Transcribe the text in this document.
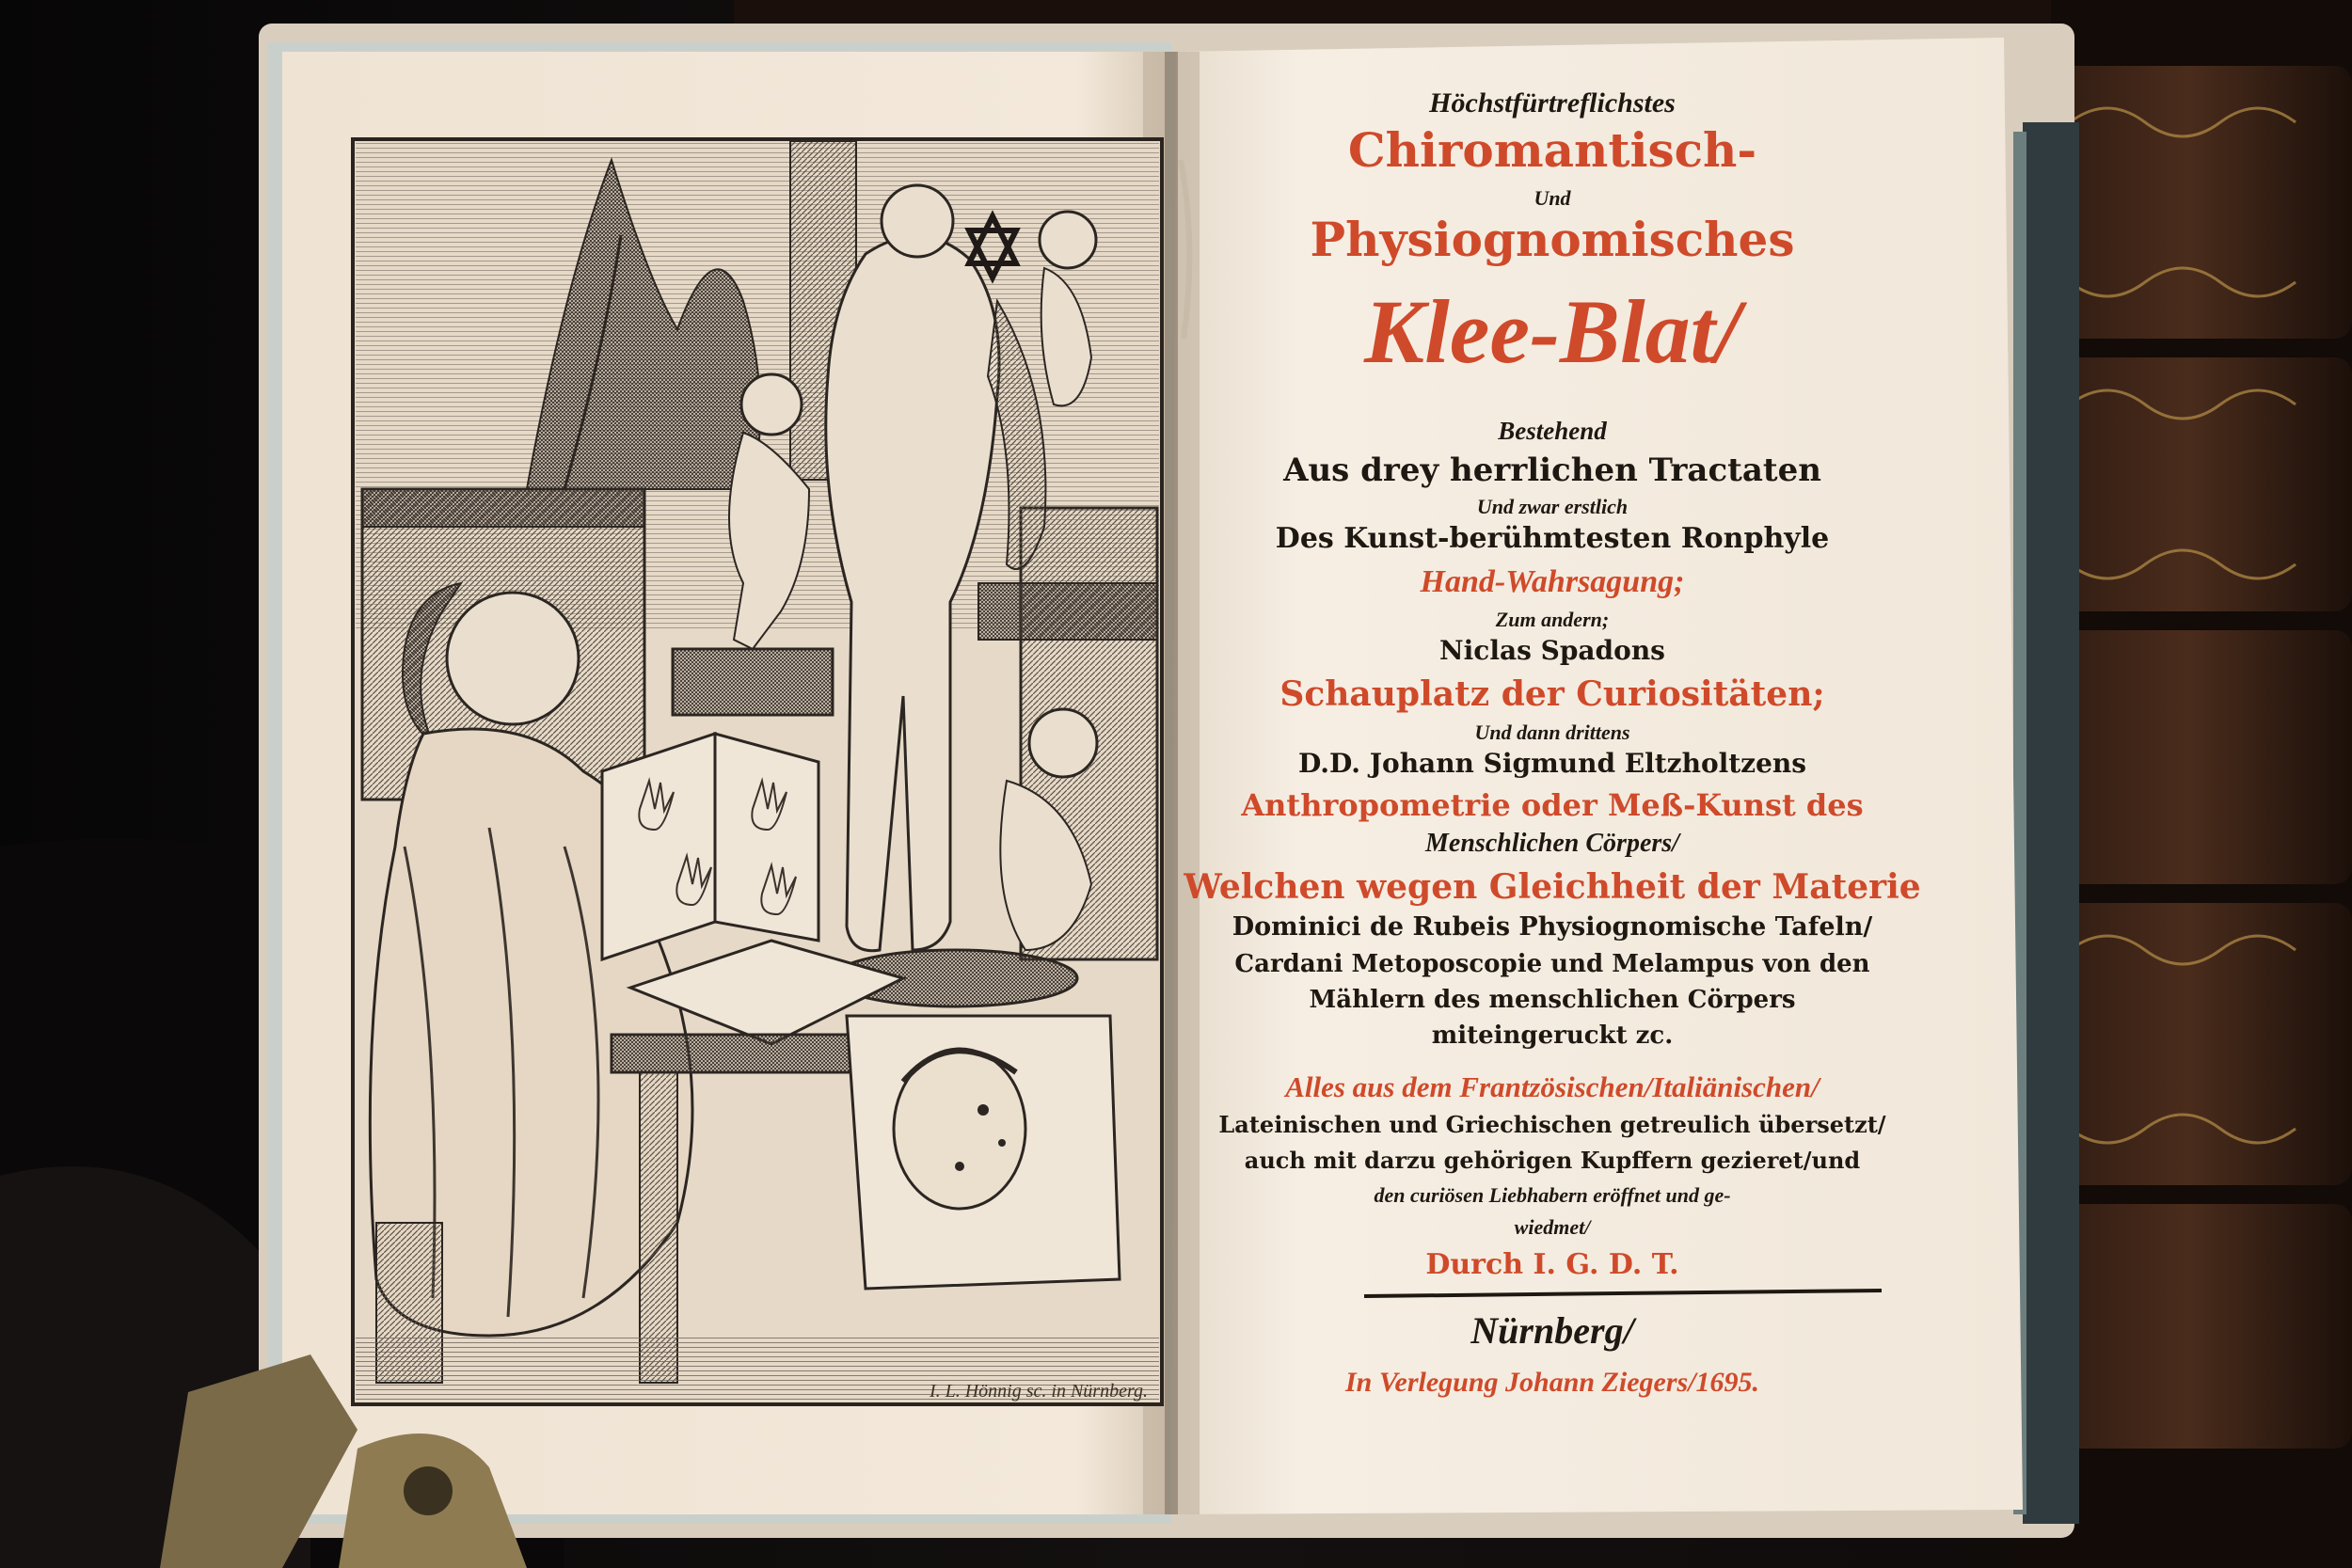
I. L. Hönnig sc. in Nürnberg.
Höchstfürtreflichstes
Chiromantisch-
Und
Physiognomisches
Klee-Blat/
Bestehend
Aus drey herrlichen Tractaten
Und zwar erstlich
Des Kunst-berühmtesten Ronphyle
Hand-Wahrsagung;
Zum andern;
Niclas Spadons
Schauplatz der Curiositäten;
Und dann drittens
D.D. Johann Sigmund Eltzholtzens
Anthropometrie oder Meß-Kunst des
Menschlichen Cörpers/
Welchen wegen Gleichheit der Materie
Dominici de Rubeis Physiognomische Tafeln/
Cardani Metoposcopie und Melampus von den
Mählern des menschlichen Cörpers
miteingeruckt zc.
Alles aus dem Frantzösischen/Italiänischen/
Lateinischen und Griechischen getreulich übersetzt/
auch mit darzu gehörigen Kupffern gezieret/und
den curiösen Liebhabern eröffnet und ge-
wiedmet/
Durch I. G. D. T.
Nürnberg/
In Verlegung Johann Ziegers/1695.
